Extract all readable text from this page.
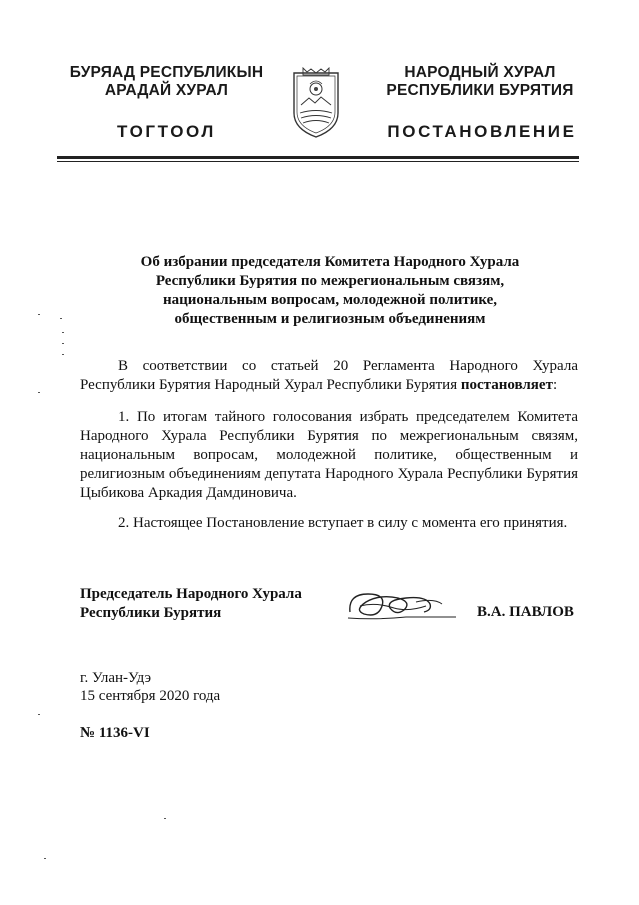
БУРЯАД РЕСПУБЛИКЫН
АРАДАЙ ХУРАЛ
ТОГТООЛ
НАРОДНЫЙ ХУРАЛ
РЕСПУБЛИКИ БУРЯТИЯ
ПОСТАНОВЛЕНИЕ
Об избрании председателя Комитета Народного Хурала
Республики Бурятия по межрегиональным связям,
национальным вопросам, молодежной политике,
общественным и религиозным объединениям
В соответствии со статьей 20 Регламента Народного Хурала Республики Бурятия Народный Хурал Республики Бурятия постановляет:
1. По итогам тайного голосования избрать председателем Комитета Народного Хурала Республики Бурятия по межрегиональным связям, национальным вопросам, молодежной политике, общественным и религиозным объединениям депутата Народного Хурала Республики Бурятия Цыбикова Аркадия Дамдиновича.
2. Настоящее Постановление вступает в силу с момента его принятия.
Председатель Народного Хурала
Республики Бурятия	В.А. ПАВЛОВ
г. Улан-Удэ
15 сентября 2020 года
№ 1136-VI
